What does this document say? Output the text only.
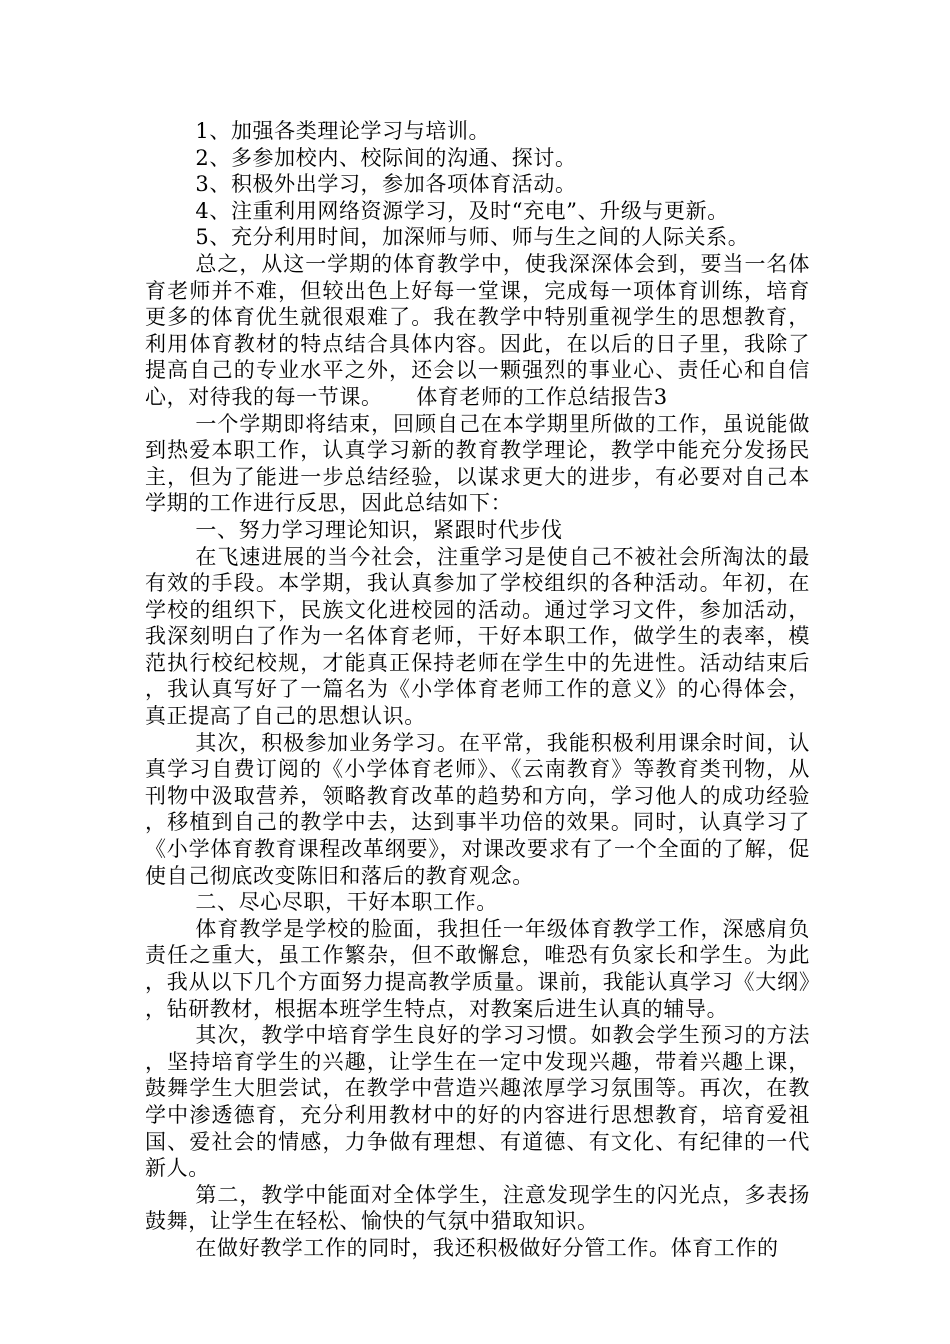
1、加强各类理论学习与培训。

2、多参加校内、校际间的沟通、探讨。

3、积极外出学习，参加各项体育活动。

4、注重利用网络资源学习，及时“充电”、升级与更新。

5、充分利用时间，加深师与师、师与生之间的人际关系。

总之，从这一学期的体育教学中，使我深深体会到，要当一名体育老师并不难，但较出色上好每一堂课，完成每一项体育训练，培育更多的体育优生就很艰难了。我在教学中特别重视学生的思想教育，利用体育教材的特点结合具体内容。因此，在以后的日子里，我除了提高自己的专业水平之外，还会以一颗强烈的事业心、责任心和自信心，对待我的每一节课。 体育老师的工作总结报告3

一个学期即将结束，回顾自己在本学期里所做的工作，虽说能做到热爱本职工作，认真学习新的教育教学理论，教学中能充分发扬民主，但为了能进一步总结经验，以谋求更大的进步，有必要对自己本学期的工作进行反思，因此总结如下：

一、努力学习理论知识，紧跟时代步伐

在飞速进展的当今社会，注重学习是使自己不被社会所淘汰的最有效的手段。本学期，我认真参加了学校组织的各种活动。年初，在学校的组织下，民族文化进校园的活动。通过学习文件，参加活动，我深刻明白了作为一名体育老师，干好本职工作，做学生的表率，模范执行校纪校规，才能真正保持老师在学生中的先进性。活动结束后，我认真写好了一篇名为《小学体育老师工作的意义》的心得体会，真正提高了自己的思想认识。

其次，积极参加业务学习。在平常，我能积极利用课余时间，认真学习自费订阅的《小学体育老师》、《云南教育》等教育类刊物，从刊物中汲取营养，领略教育改革的趋势和方向，学习他人的成功经验，移植到自己的教学中去，达到事半功倍的效果。同时，认真学习了《小学体育教育课程改革纲要》，对课改要求有了一个全面的了解，促使自己彻底改变陈旧和落后的教育观念。

二、尽心尽职，干好本职工作。

体育教学是学校的脸面，我担任一年级体育教学工作，深感肩负责任之重大，虽工作繁杂，但不敢懈怠，唯恐有负家长和学生。为此，我从以下几个方面努力提高教学质量。课前，我能认真学习《大纲》，钻研教材，根据本班学生特点，对教案后进生认真的辅导。

其次，教学中培育学生良好的学习习惯。如教会学生预习的方法，坚持培育学生的兴趣，让学生在一定中发现兴趣，带着兴趣上课，鼓舞学生大胆尝试，在教学中营造兴趣浓厚学习氛围等。再次，在教学中渗透德育，充分利用教材中的好的内容进行思想教育，培育爱祖国、爱社会的情感，力争做有理想、有道德、有文化、有纪律的一代新人。

第二，教学中能面对全体学生，注意发现学生的闪光点，多表扬鼓舞，让学生在轻松、愉快的气氛中猎取知识。

在做好教学工作的同时，我还积极做好分管工作。体育工作的
